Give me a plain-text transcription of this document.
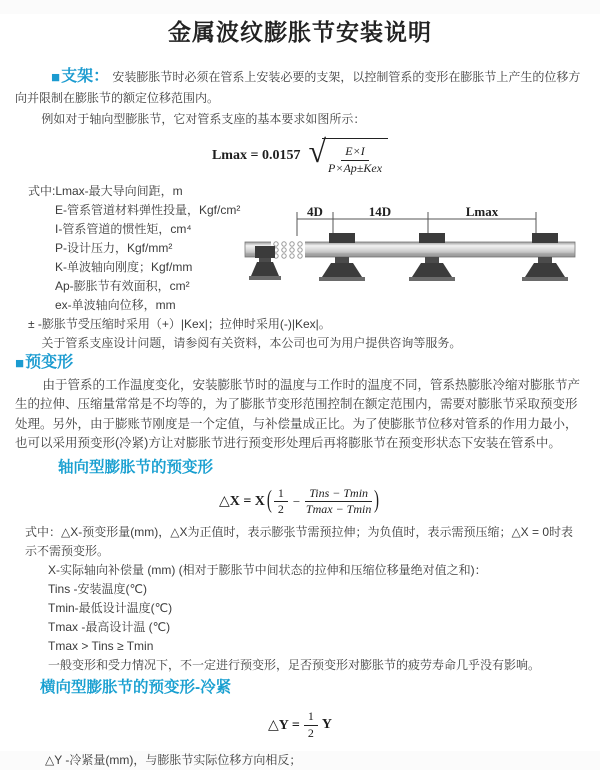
金属波纹膨胀节安装说明

■支架： 安装膨胀节时必须在管系上安装必要的支架，以控制管系的变形在膨胀节上产生的位移方向并限制在膨胀节的额定位移范围内。

例如对于轴向型膨胀节，它对管系支座的基本要求如图所示：

Lmax = 0.0157 √ $\frac{E\times I}{\text{P×Ap±Kex}}$
式中:Lmax-最大导向间距，m
E-管系管道材料弹性投量，Kgf/cm²
I-管系管道的惯性矩，cm⁴
P-设计压力，Kgf/mm²
K-单波轴向刚度；Kgf/mm
Ap-膨胀节有效面积，cm²
ex-单波轴向位移，mm
± -膨胀节受压缩时采用（+）|Kex|；拉伸时采用(-)|Kex|。
关于管系支座设计问题，请参阅有关资料，本公司也可为用户提供咨询等服务。

■预变形

由于管系的工作温度变化，安装膨胀节时的温度与工作时的温度不同，管系热膨胀冷缩对膨胀节产生的拉伸、压缩量常常是不均等的，为了膨胀节变形范围控制在额定范围内，需要对膨胀节采取预变形处理。另外，由于膨账节刚度是一个定值，与补偿量成正比。为了使膨胀节位移对管系的作用力最小，也可以采用预变形(冷紧)方让对膨胀节进行预变形处理后再将膨胀节在预变形状态下安装在管系中。

轴向型膨胀节的预变形
△X = X ( $\frac{1}{2} - \frac{\text{Tins − Tmin}}{Tmax - Tmin}$ )
式中：△X-预变形量(mm)，△X为正值时，表示膨张节需预拉伸；为负值时，表示需预压缩；△X = 0时表示不需预变形。
X-实际轴向补偿量 (mm) (相对于膨胀节中间状态的拉伸和压缩位移量绝对值之和)：
Tins -安装温度(℃)
Tmin-最低设计温度(℃)
Tmax -最高设计温 (℃)
Tmax > Tins ≥ Tmin
一般变形和受力情况下，不一定进行预变形，足否预变形对膨胀节的疲劳寿命几乎没有影响。
横向型膨胀节的预变形-冷紧
△Y =
$\frac{1}{2}$ Y
△Y -冷紧量(mm)，与膨胀节实际位移方向相反；
4D	14D	Lmax
